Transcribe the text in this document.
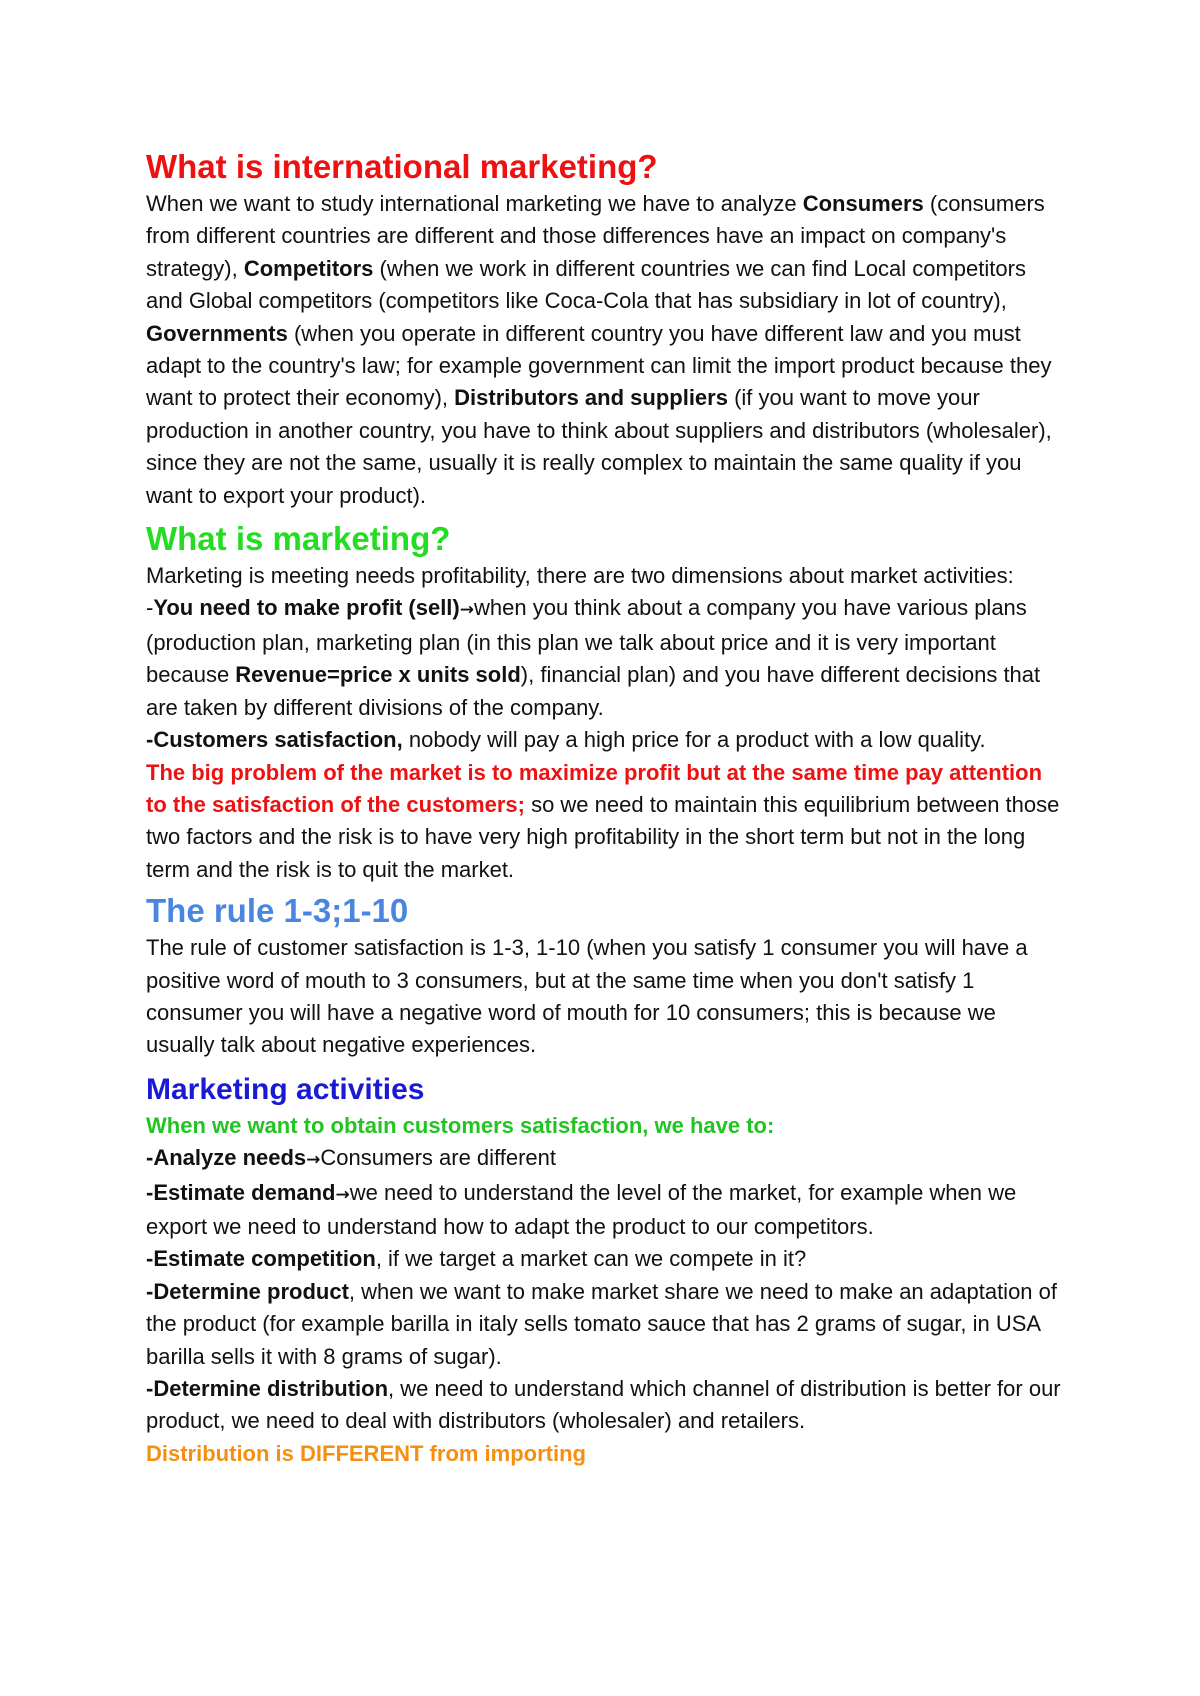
What is international marketing?

When we want to study international marketing we have to analyze Consumers (consumers from different countries are different and those differences have an impact on company's strategy), Competitors (when we work in different countries we can find Local competitors and Global competitors (competitors like Coca-Cola that has subsidiary in lot of country), Governments (when you operate in different country you have different law and you must adapt to the country's law; for example government can limit the import product because they want to protect their economy), Distributors and suppliers (if you want to move your production in another country, you have to think about suppliers and distributors (wholesaler), since they are not the same, usually it is really complex to maintain the same quality if you want to export your product).

What is marketing?

Marketing is meeting needs profitability, there are two dimensions about market activities:

-You need to make profit (sell)→when you think about a company you have various plans (production plan, marketing plan (in this plan we talk about price and it is very important because Revenue=price x units sold), financial plan) and you have different decisions that are taken by different divisions of the company.

-Customers satisfaction, nobody will pay a high price for a product with a low quality.

The big problem of the market is to maximize profit but at the same time pay attention to the satisfaction of the customers; so we need to maintain this equilibrium between those two factors and the risk is to have very high profitability in the short term but not in the long term and the risk is to quit the market.

The rule 1-3;1-10

The rule of customer satisfaction is 1-3, 1-10 (when you satisfy 1 consumer you will have a positive word of mouth to 3 consumers, but at the same time when you don't satisfy 1 consumer you will have a negative word of mouth for 10 consumers; this is because we usually talk about negative experiences.

Marketing activities

When we want to obtain customers satisfaction, we have to:

-Analyze needs→Consumers are different

-Estimate demand→we need to understand the level of the market, for example when we export we need to understand how to adapt the product to our competitors.

-Estimate competition, if we target a market can we compete in it?

-Determine product, when we want to make market share we need to make an adaptation of the product (for example barilla in italy sells tomato sauce that has 2 grams of sugar, in USA barilla sells it with 8 grams of sugar).

-Determine distribution, we need to understand which channel of distribution is better for our product, we need to deal with distributors (wholesaler) and retailers.

Distribution is DIFFERENT from importing
